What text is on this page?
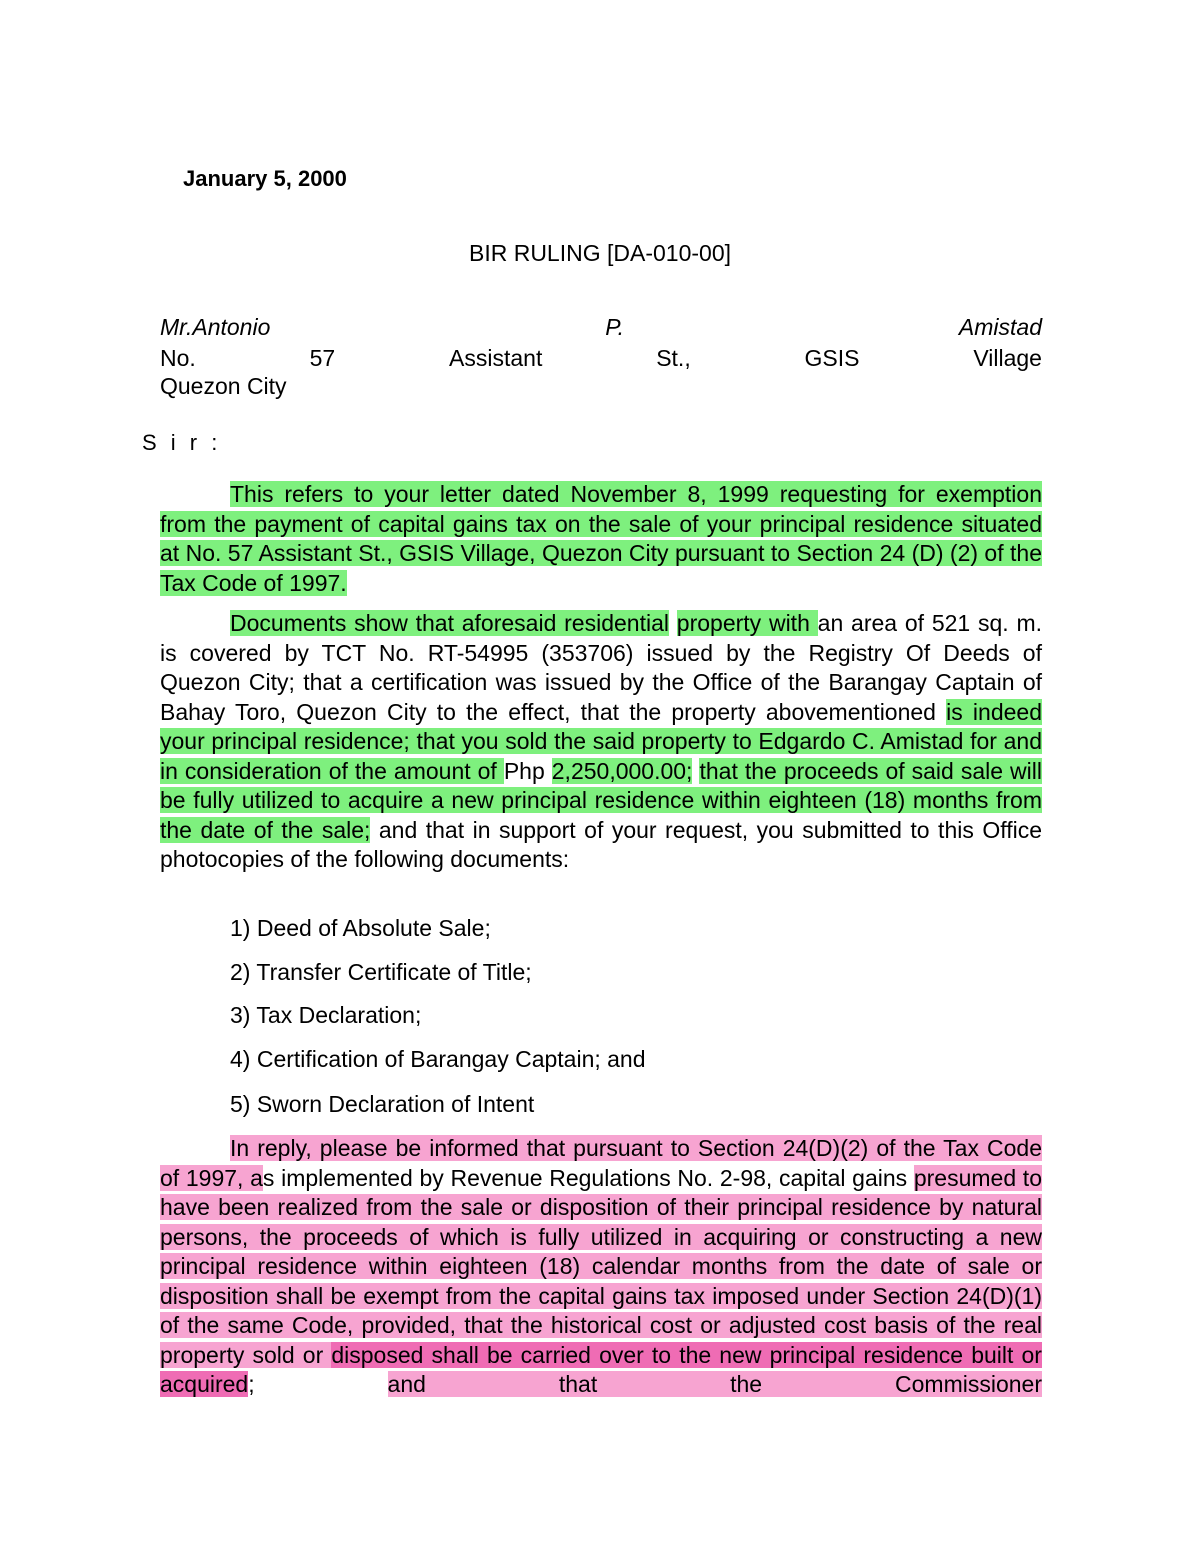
January 5, 2000
BIR RULING [DA-010-00]
Mr.Antonio	P.	Amistad
No.	57	Assistant	St.,	GSIS	Village
Quezon City
S i r :
This refers to your letter dated November 8, 1999 requesting for exemption from the payment of capital gains tax on the sale of your principal residence situated at No. 57 Assistant St., GSIS Village, Quezon City pursuant to Section 24 (D) (2) of the Tax Code of 1997.
Documents show that aforesaid residential property with an area of 521 sq. m. is covered by TCT No. RT-54995 (353706) issued by the Registry Of Deeds of Quezon City; that a certification was issued by the Office of the Barangay Captain of Bahay Toro, Quezon City to the effect, that the property abovementioned is indeed your principal residence; that you sold the said property to Edgardo C. Amistad for and in consideration of the amount of Php 2,250,000.00; that the proceeds of said sale will be fully utilized to acquire a new principal residence within eighteen (18) months from the date of the sale; and that in support of your request, you submitted to this Office photocopies of the following documents:
1) Deed of Absolute Sale;
2) Transfer Certificate of Title;
3) Tax Declaration;
4) Certification of Barangay Captain; and
5) Sworn Declaration of Intent
In reply, please be informed that pursuant to Section 24(D)(2) of the Tax Code of 1997, as implemented by Revenue Regulations No. 2-98, capital gains presumed to have been realized from the sale or disposition of their principal residence by natural persons, the proceeds of which is fully utilized in acquiring or constructing a new principal residence within eighteen (18) calendar months from the date of sale or disposition shall be exempt from the capital gains tax imposed under Section 24(D)(1) of the same Code, provided, that the historical cost or adjusted cost basis of the real property sold or disposed shall be carried over to the new principal residence built or acquired; and that the Commissioner
